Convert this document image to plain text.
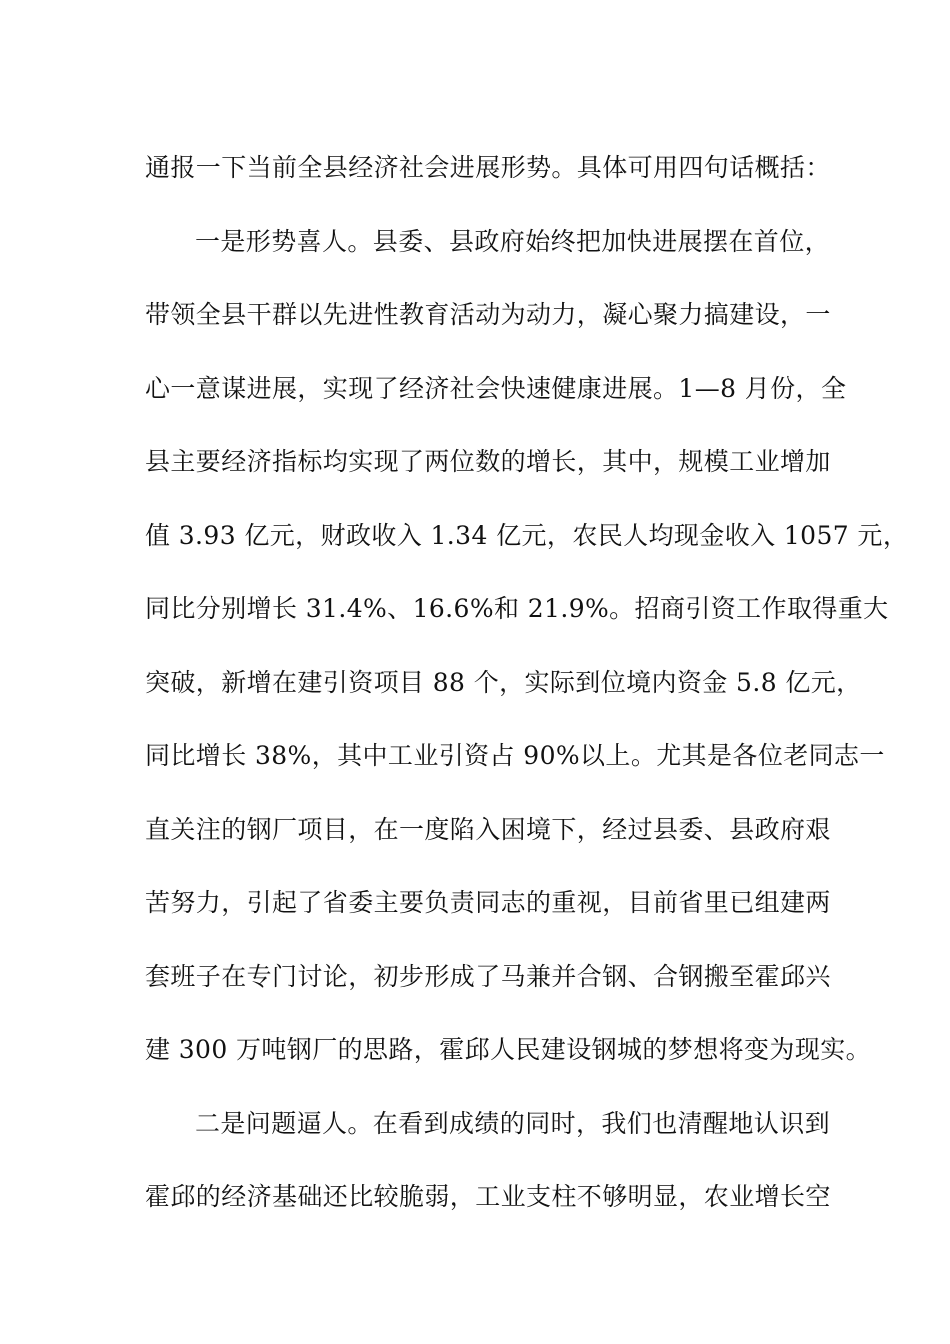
通报一下当前全县经济社会进展形势。具体可用四句话概括：
一是形势喜人。县委、县政府始终把加快进展摆在首位，
带领全县干群以先进性教育活动为动力，凝心聚力搞建设，一
心一意谋进展，实现了经济社会快速健康进展。1—8 月份，全
县主要经济指标均实现了两位数的增长，其中，规模工业增加
值 3.93 亿元，财政收入 1.34 亿元，农民人均现金收入 1057 元，
同比分别增长 31.4%、16.6%和 21.9%。招商引资工作取得重大
突破，新增在建引资项目 88 个，实际到位境内资金 5.8 亿元，
同比增长 38%，其中工业引资占 90%以上。尤其是各位老同志一
直关注的钢厂项目，在一度陷入困境下，经过县委、县政府艰
苦努力，引起了省委主要负责同志的重视，目前省里已组建两
套班子在专门讨论，初步形成了马兼并合钢、合钢搬至霍邱兴
建 300 万吨钢厂的思路，霍邱人民建设钢城的梦想将变为现实。
二是问题逼人。在看到成绩的同时，我们也清醒地认识到
霍邱的经济基础还比较脆弱，工业支柱不够明显，农业增长空
